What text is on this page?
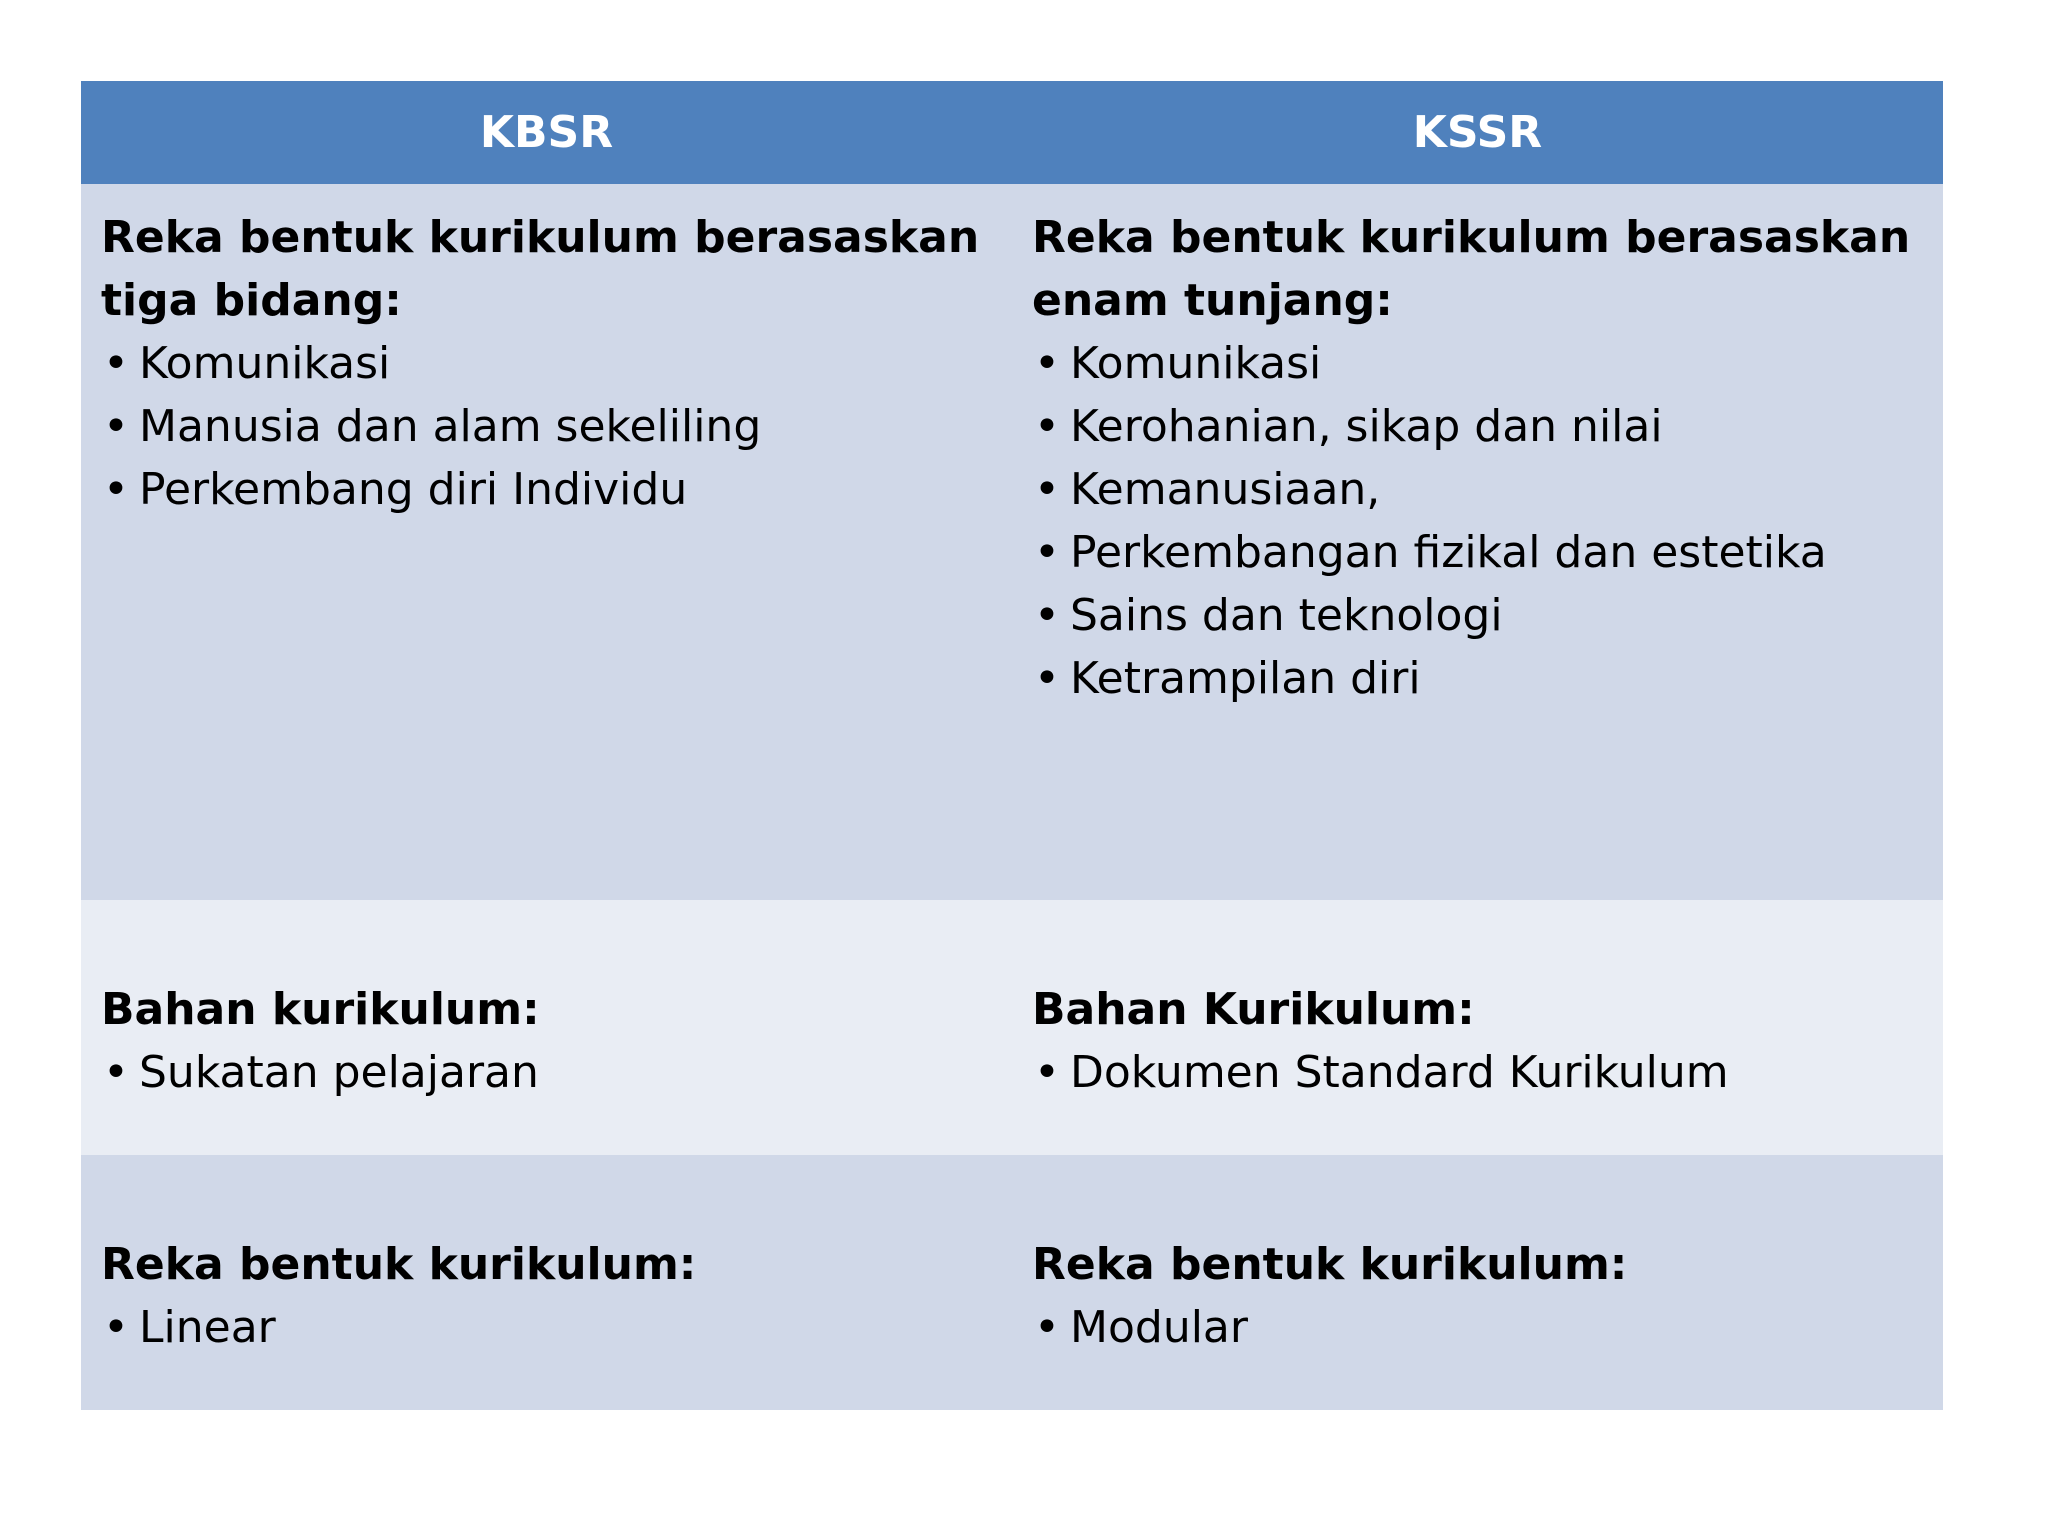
KBSR	KSSR

Reka bentuk kurikulum berasaskan tiga bidang:

• Komunikasi
• Manusia dan alam sekeliling
• Perkembang diri Individu

Reka bentuk kurikulum berasaskan enam tunjang:

• Komunikasi
• Kerohanian, sikap dan nilai
• Kemanusiaan,
• Perkembangan fizikal dan estetika
• Sains dan teknologi
• Ketrampilan diri

Bahan kurikulum:

• Sukatan pelajaran

Bahan Kurikulum:

• Dokumen Standard Kurikulum

Reka bentuk kurikulum:

• Linear

Reka bentuk kurikulum:

• Modular
